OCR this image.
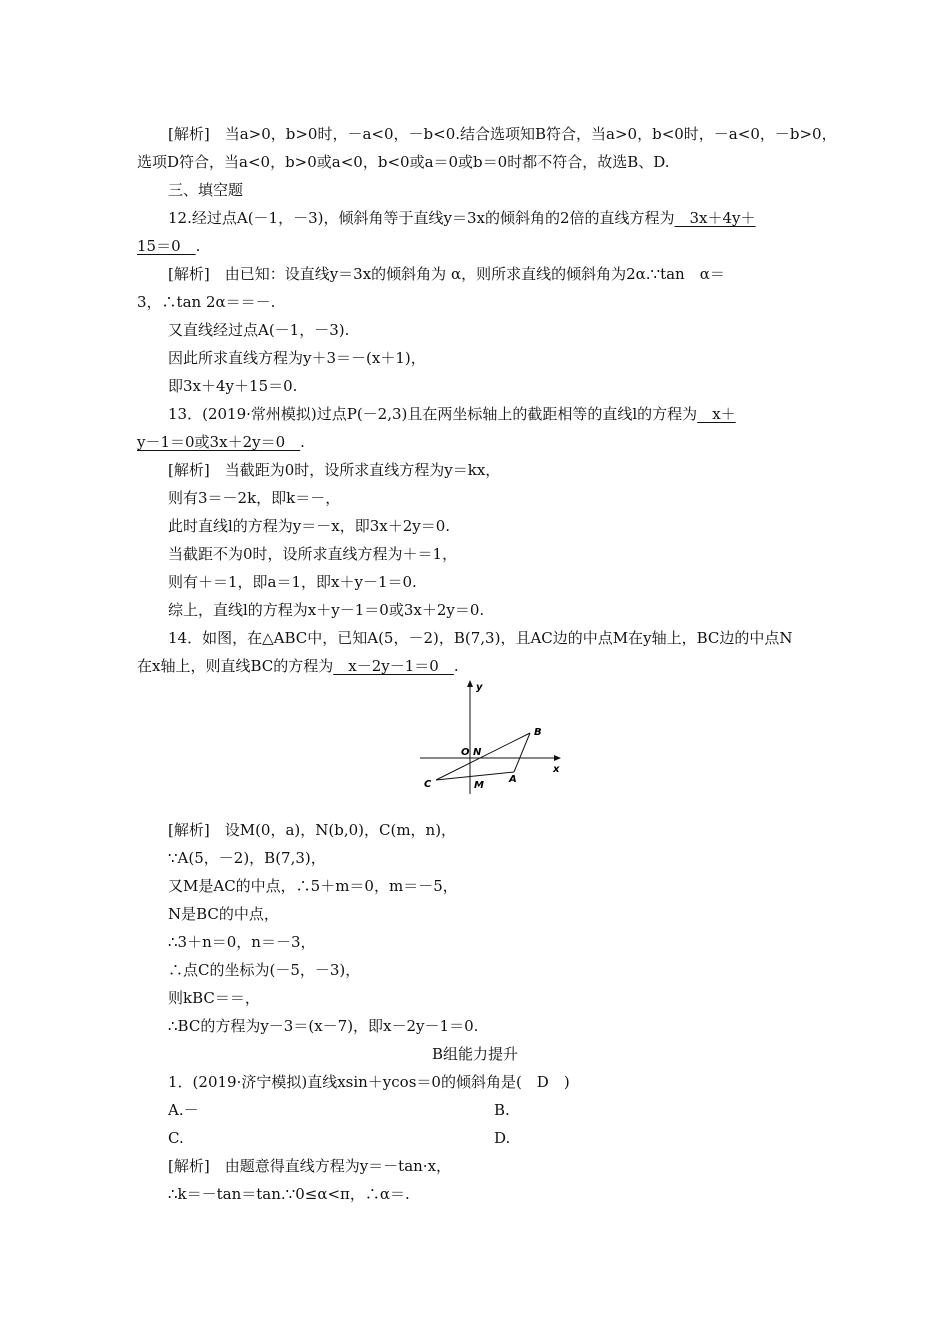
[解析]　当a>0，b>0时，－a<0，－b<0.结合选项知B符合，当a>0，b<0时，－a<0，－b>0，
选项D符合，当a<0，b>0或a<0，b<0或a＝0或b＝0时都不符合，故选B、D.
三、填空题
12.经过点A(－1，－3)，倾斜角等于直线y＝3x的倾斜角的2倍的直线方程为　3x＋4y＋
15＝0　.
[解析]　由已知：设直线y＝3x的倾斜角为 α，则所求直线的倾斜角为2α.∵tan　α＝
3，∴tan 2α＝＝－.
又直线经过点A(－1，－3).
因此所求直线方程为y＋3＝－(x＋1)，
即3x＋4y＋15＝0.
13．(2019·常州模拟)过点P(－2,3)且在两坐标轴上的截距相等的直线l的方程为　x＋
y－1＝0或3x＋2y＝0　.
[解析]　当截距为0时，设所求直线方程为y＝kx，
则有3＝－2k，即k＝－，
此时直线l的方程为y＝－x，即3x＋2y＝0.
当截距不为0时，设所求直线方程为＋＝1，
则有＋＝1，即a＝1，即x＋y－1＝0.
综上，直线l的方程为x＋y－1＝0或3x＋2y＝0.
14．如图，在△ABC中，已知A(5，－2)，B(7,3)，且AC边的中点M在y轴上，BC边的中点N
在x轴上，则直线BC的方程为　x－2y－1＝0　.
y
x
O N
B
C	M
A
[解析]　设M(0，a)，N(b,0)，C(m，n)，
∵A(5，－2)，B(7,3)，
又M是AC的中点，∴5＋m＝0，m＝－5，
N是BC的中点，
∴3＋n＝0，n＝－3，
∴点C的坐标为(－5，－3)，
则kBC＝＝，
∴BC的方程为y－3＝(x－7)，即x－2y－1＝0.
B组能力提升
1．(2019·济宁模拟)直线xsin＋ycos＝0的倾斜角是(　D　)
A.－	B.
C.	D.
[解析]　由题意得直线方程为y＝－tan·x，
∴k＝－tan＝tan.∵0≤α<π，∴α＝.
